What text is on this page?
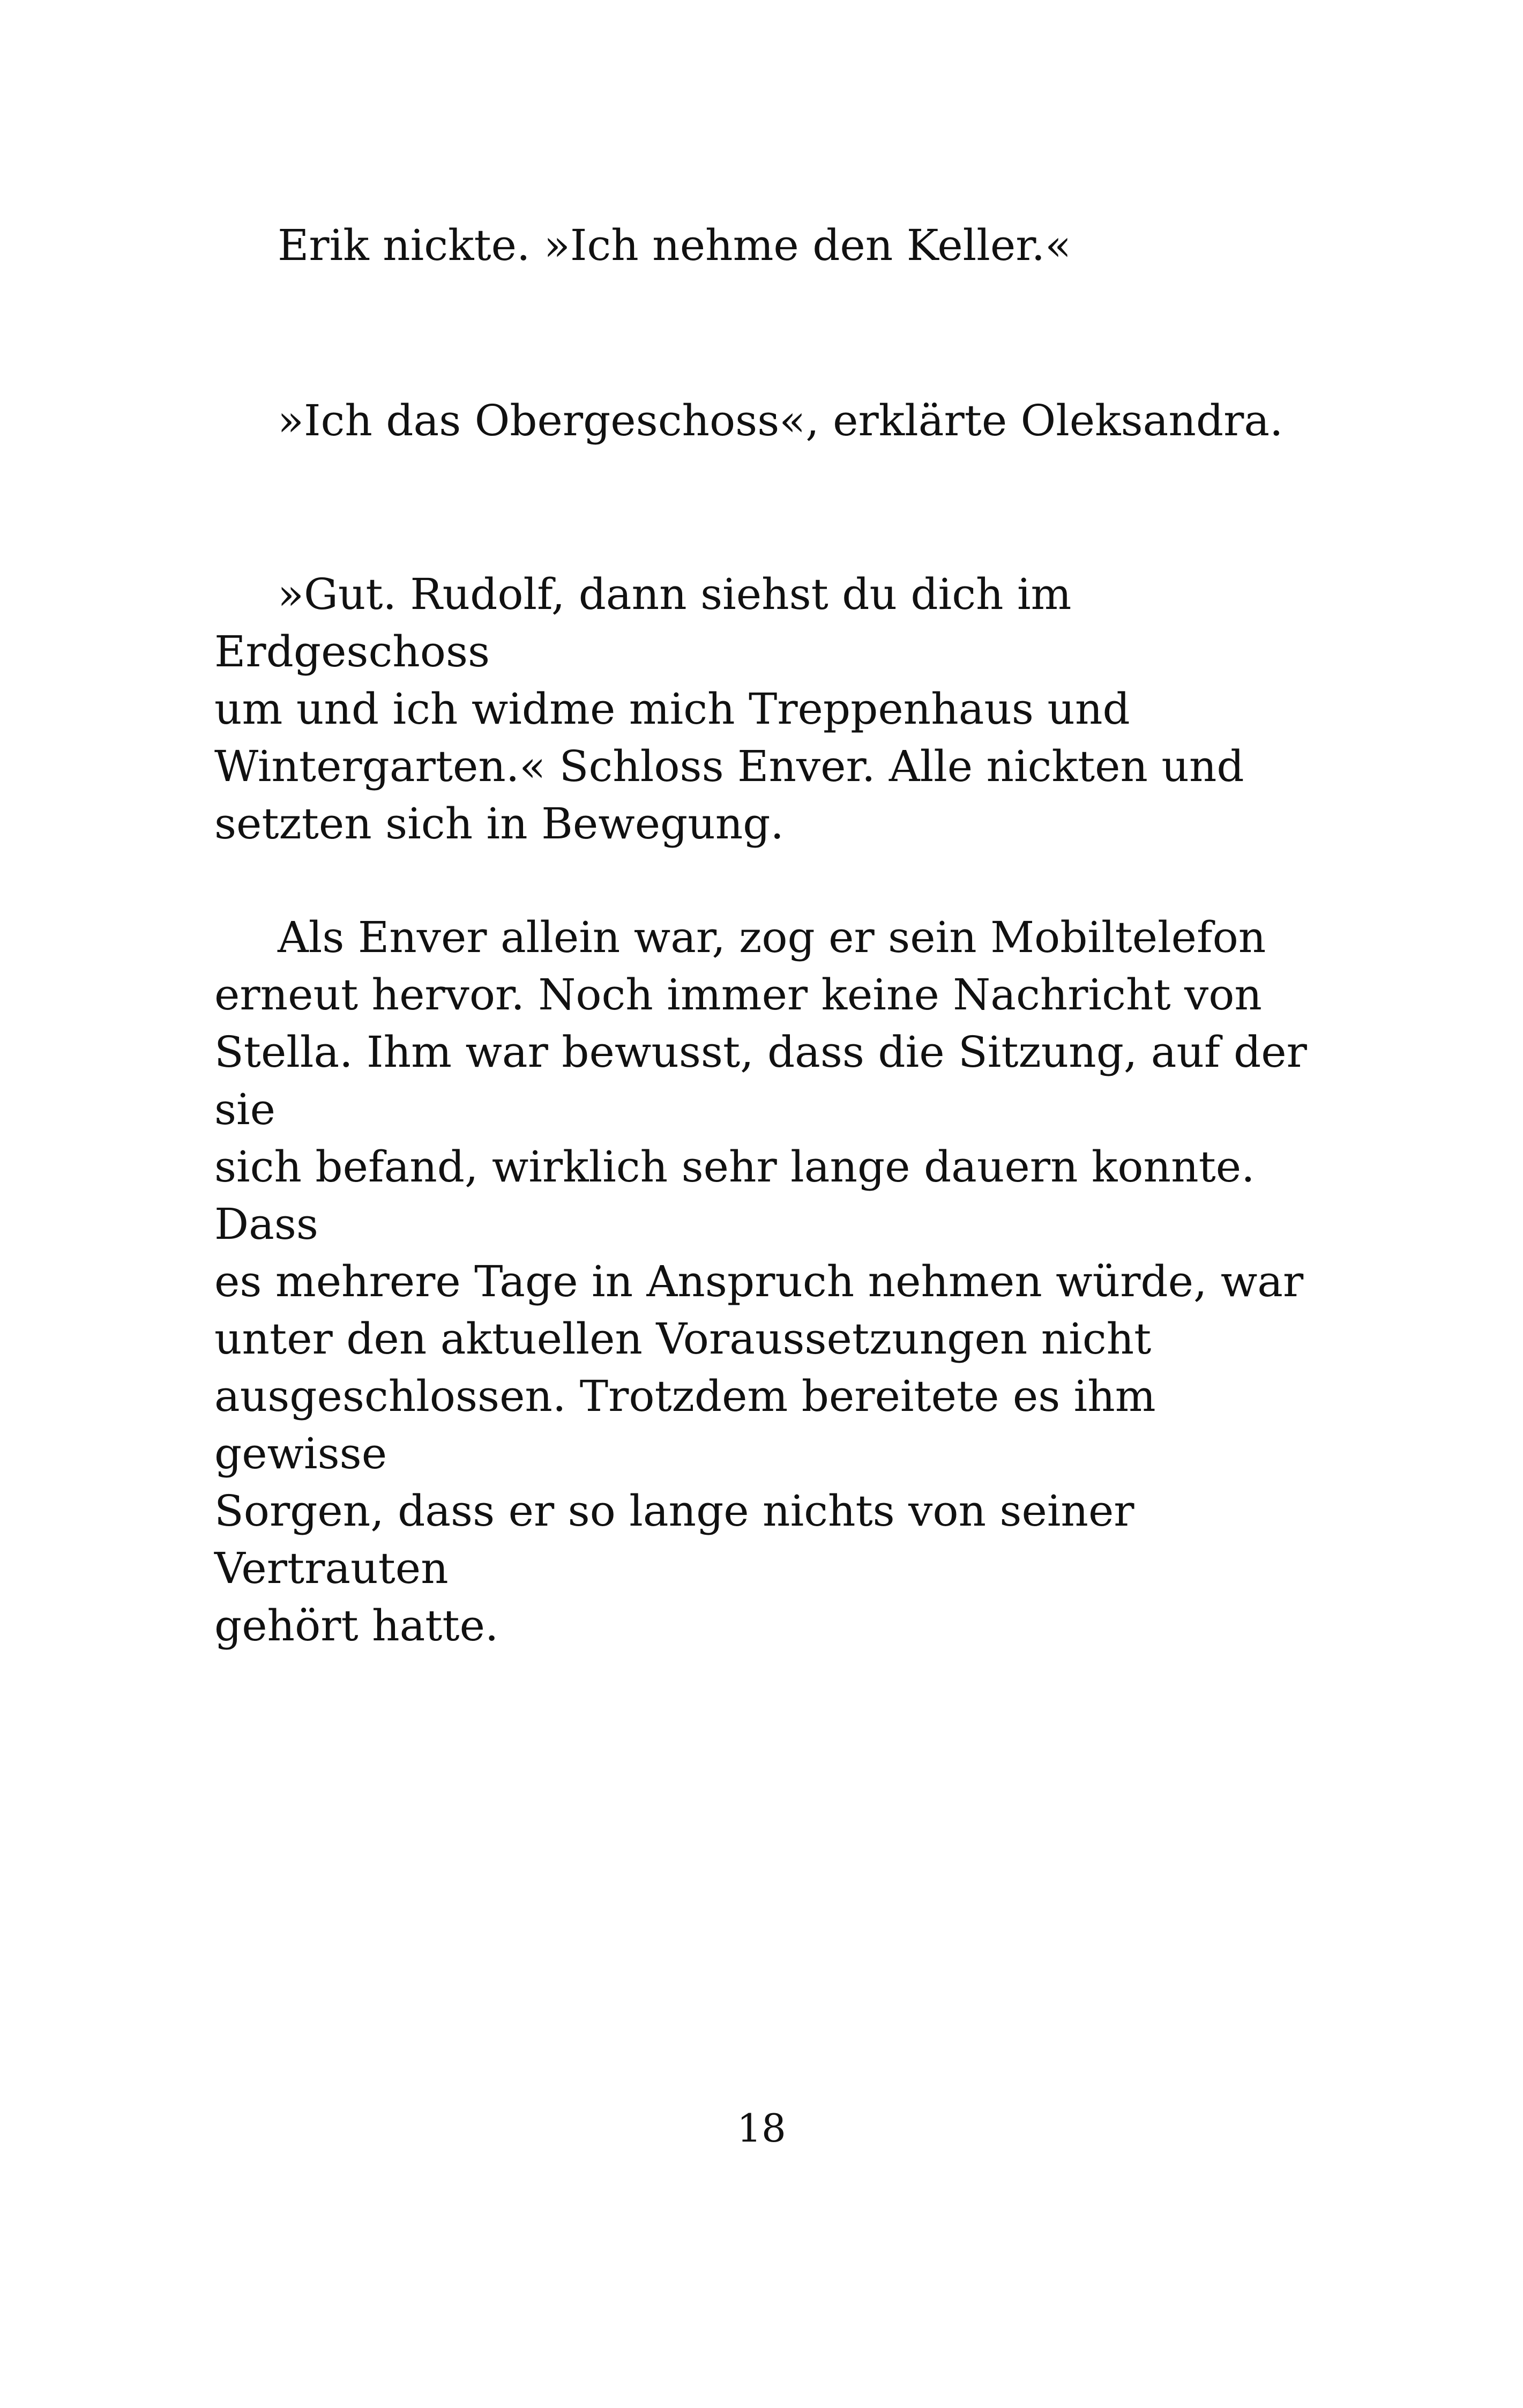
Erik nickte. »Ich nehme den Keller.«

»Ich das Obergeschoss«, erklärte Oleksandra.

»Gut. Rudolf, dann siehst du dich im Erdgeschoss
um und ich widme mich Treppenhaus und
Wintergarten.« Schloss Enver. Alle nickten und
setzten sich in Bewegung.

Als Enver allein war, zog er sein Mobiltelefon
erneut hervor. Noch immer keine Nachricht von
Stella. Ihm war bewusst, dass die Sitzung, auf der sie
sich befand, wirklich sehr lange dauern konnte. Dass
es mehrere Tage in Anspruch nehmen würde, war
unter den aktuellen Voraussetzungen nicht
ausgeschlossen. Trotzdem bereitete es ihm gewisse
Sorgen, dass er so lange nichts von seiner Vertrauten
gehört hatte.

18
